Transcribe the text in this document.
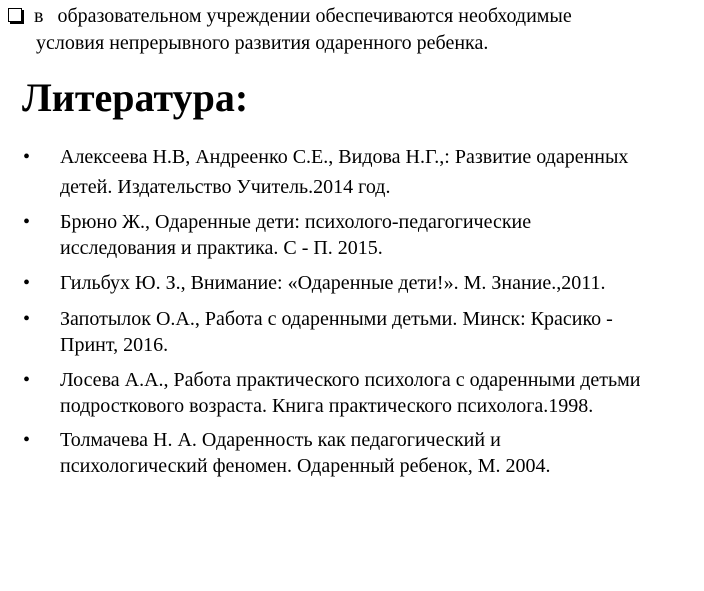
в образовательном учреждении обеспечиваются необходимые
условия непрерывного развития одаренного ребенка.
Литература:
• Алексеева Н.В, Андреенко С.Е., Видова Н.Г.,: Развитие одаренных
детей. Издательство Учитель.2014 год.
• Брюно Ж., Одаренные дети: психолого-педагогические
исследования и практика. С - П. 2015.
• Гильбух Ю. З., Внимание: «Одаренные дети!». М. Знание.,2011.
• Запотылок О.А., Работа с одаренными детьми. Минск: Красико -
Принт, 2016.
• Лосева А.А., Работа практического психолога с одаренными детьми
подросткового возраста. Книга практического психолога.1998.
• Толмачева Н. А. Одаренность как педагогический и
психологический феномен. Одаренный ребенок, М. 2004.
